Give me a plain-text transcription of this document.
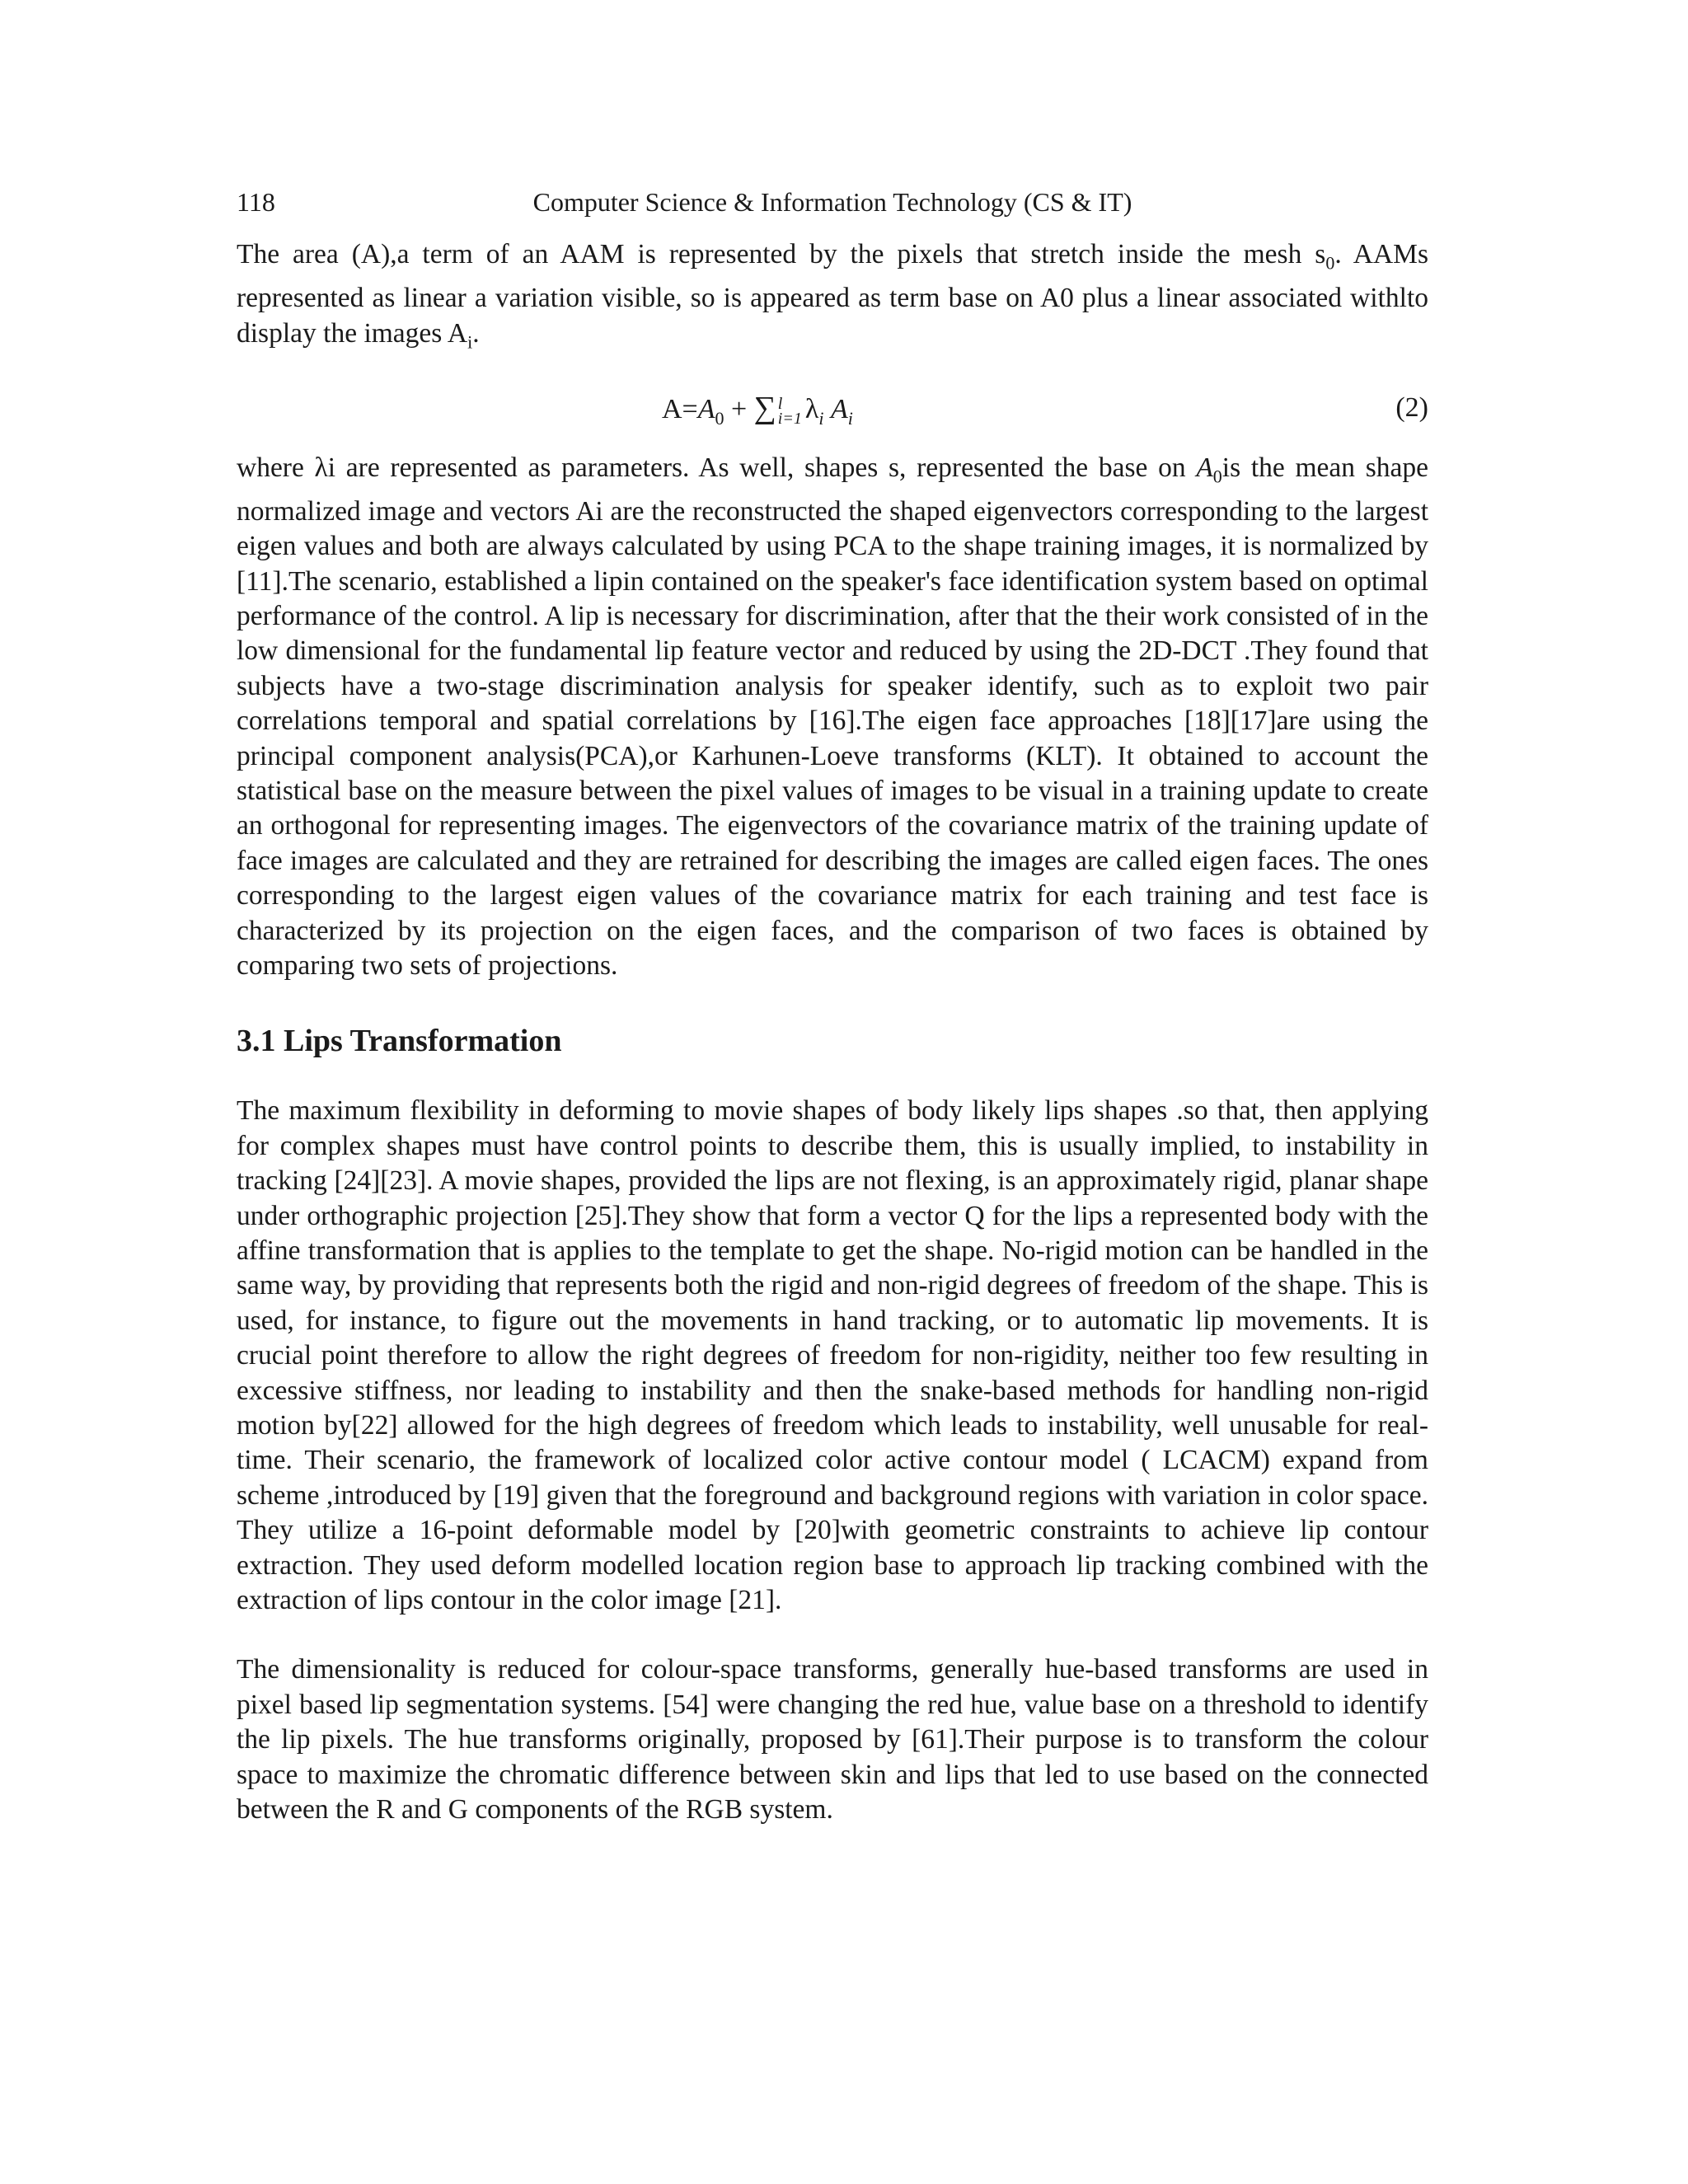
118	Computer Science & Information Technology (CS & IT)

The area (A),a term of an AAM is represented by the pixels that stretch inside the mesh $s_0$. AAMs represented as linear a variation visible, so is appeared as term base on A0 plus a linear associated withlto display the images $A_i$.

$A=A_0$ + ∑ l
i=1 $\lambda_i$ $A_i$	(2)

where λi are represented as parameters. As well, shapes s, represented the base on $A_0is$ the mean shape normalized image and vectors Ai are the reconstructed the shaped eigenvectors corresponding to the largest eigen values and both are always calculated by using PCA to the shape training images, it is normalized by [11].The scenario, established a lipin contained on the speaker's face identification system based on optimal performance of the control. A lip is necessary for discrimination, after that the their work consisted of in the low dimensional for the fundamental lip feature vector and reduced by using the 2D-DCT .They found that subjects have a two-stage discrimination analysis for speaker identify, such as to exploit two pair correlations temporal and spatial correlations by [16].The eigen face approaches [18][17]are using the principal component analysis(PCA),or Karhunen-Loeve transforms (KLT). It obtained to account the statistical base on the measure between the pixel values of images to be visual in a training update to create an orthogonal for representing images. The eigenvectors of the covariance matrix of the training update of face images are calculated and they are retrained for describing the images are called eigen faces. The ones corresponding to the largest eigen values of the covariance matrix for each training and test face is characterized by its projection on the eigen faces, and the comparison of two faces is obtained by comparing two sets of projections.

3.1 Lips Transformation

The maximum flexibility in deforming to movie shapes of body likely lips shapes .so that, then applying for complex shapes must have control points to describe them, this is usually implied, to instability in tracking [24][23]. A movie shapes, provided the lips are not flexing, is an approximately rigid, planar shape under orthographic projection [25].They show that form a vector Q for the lips a represented body with the affine transformation that is applies to the template to get the shape. No-rigid motion can be handled in the same way, by providing that represents both the rigid and non-rigid degrees of freedom of the shape. This is used, for instance, to figure out the movements in hand tracking, or to automatic lip movements. It is crucial point therefore to allow the right degrees of freedom for non-rigidity, neither too few resulting in excessive stiffness, nor leading to instability and then the snake-based methods for handling non-rigid motion by[22] allowed for the high degrees of freedom which leads to instability, well unusable for real-time. Their scenario, the framework of localized color active contour model ( LCACM) expand from scheme ,introduced by [19] given that the foreground and background regions with variation in color space. They utilize a 16-point deformable model by [20]with geometric constraints to achieve lip contour extraction. They used deform modelled location region base to approach lip tracking combined with the extraction of lips contour in the color image [21].

The dimensionality is reduced for colour-space transforms, generally hue-based transforms are used in pixel based lip segmentation systems. [54] were changing the red hue, value base on a threshold to identify the lip pixels. The hue transforms originally, proposed by [61].Their purpose is to transform the colour space to maximize the chromatic difference between skin and lips that led to use based on the connected between the R and G components of the RGB system.
